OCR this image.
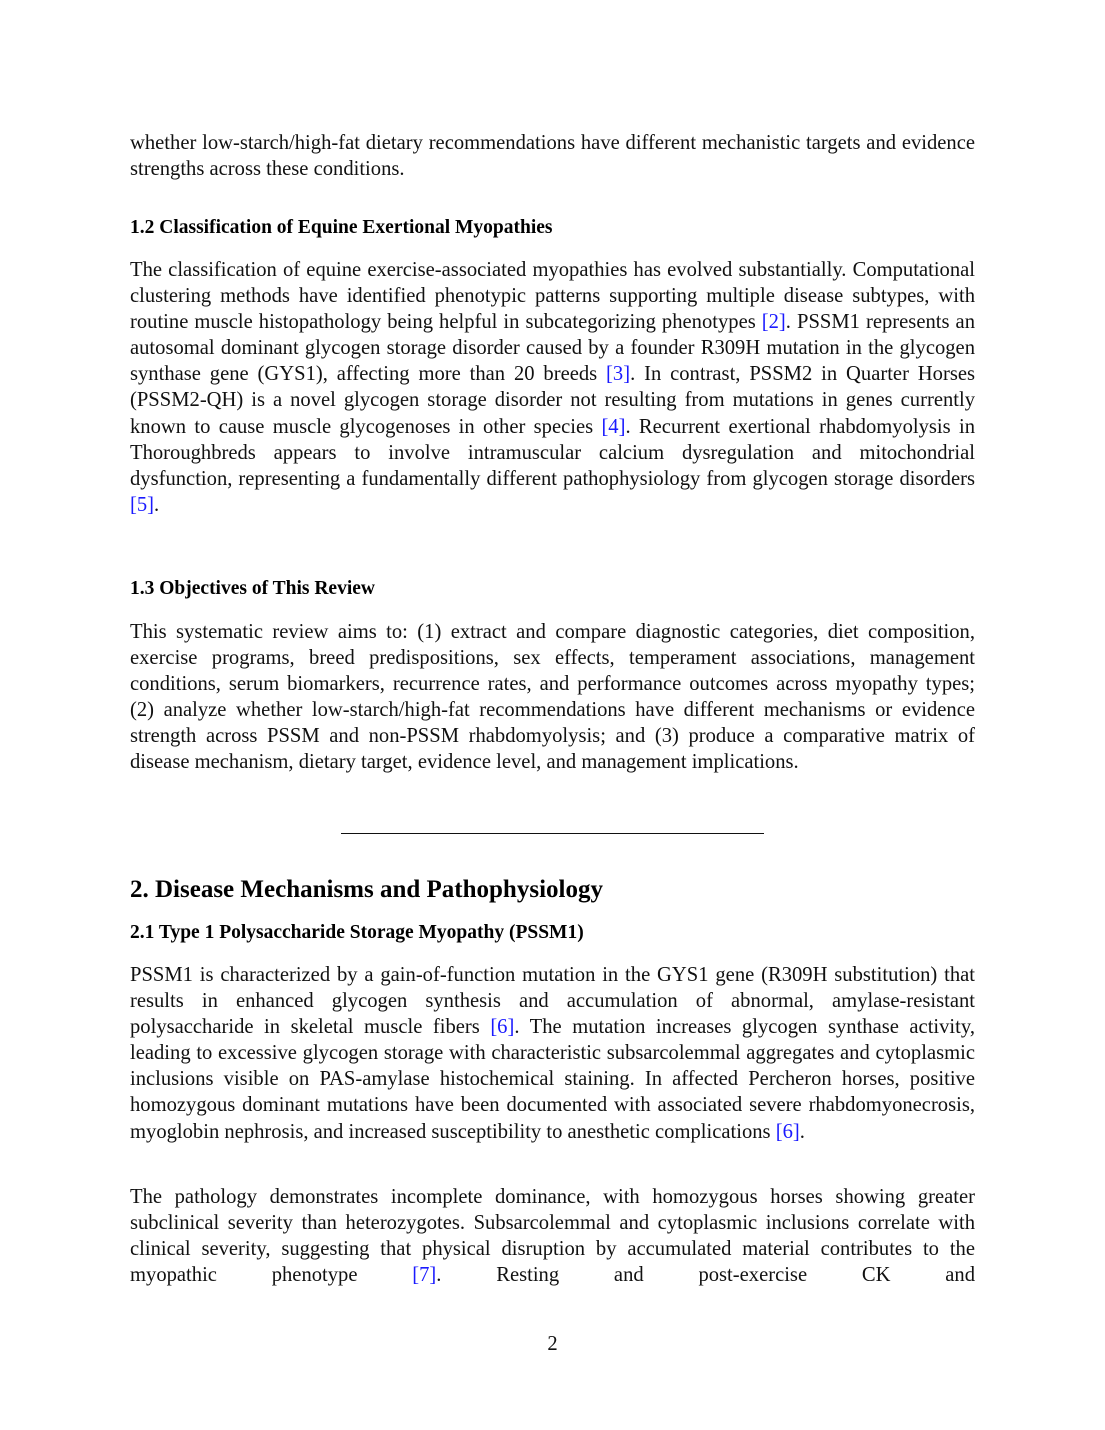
whether low-starch/high-fat dietary recommendations have different mechanistic targets and evidence strengths across these conditions.

1.2 Classification of Equine Exertional Myopathies

The classification of equine exercise-associated myopathies has evolved substantially. Computational clustering methods have identified phenotypic patterns supporting multiple disease subtypes, with routine muscle histopathology being helpful in subcategorizing phenotypes [2]. PSSM1 represents an autosomal dominant glycogen storage disorder caused by a founder R309H mutation in the glycogen synthase gene (GYS1), affecting more than 20 breeds [3]. In contrast, PSSM2 in Quarter Horses (PSSM2-QH) is a novel glycogen storage disorder not resulting from mutations in genes currently known to cause muscle glycogenoses in other species [4]. Recurrent exertional rhabdomyolysis in Thoroughbreds appears to involve intramuscular calcium dysregulation and mitochondrial dysfunction, representing a fundamentally different pathophysiology from glycogen storage disorders [5].

1.3 Objectives of This Review

This systematic review aims to: (1) extract and compare diagnostic categories, diet composition, exercise programs, breed predispositions, sex effects, temperament associations, management conditions, serum biomarkers, recurrence rates, and performance outcomes across myopathy types; (2) analyze whether low-starch/high-fat recommendations have different mechanisms or evidence strength across PSSM and non-PSSM rhabdomyolysis; and (3) produce a comparative matrix of disease mechanism, dietary target, evidence level, and management implications.

2. Disease Mechanisms and Pathophysiology
2.1 Type 1 Polysaccharide Storage Myopathy (PSSM1)

PSSM1 is characterized by a gain-of-function mutation in the GYS1 gene (R309H substitution) that results in enhanced glycogen synthesis and accumulation of abnormal, amylase-resistant polysaccharide in skeletal muscle fibers [6]. The mutation increases glycogen synthase activity, leading to excessive glycogen storage with characteristic subsarcolemmal aggregates and cytoplasmic inclusions visible on PAS-amylase histochemical staining. In affected Percheron horses, positive homozygous dominant mutations have been documented with associated severe rhabdomyonecrosis, myoglobin nephrosis, and increased susceptibility to anesthetic complications [6].

The pathology demonstrates incomplete dominance, with homozygous horses showing greater subclinical severity than heterozygotes. Subsarcolemmal and cytoplasmic inclusions correlate with clinical severity, suggesting that physical disruption by accumulated material contributes to the myopathic phenotype [7]. Resting and post-exercise CK and

2
